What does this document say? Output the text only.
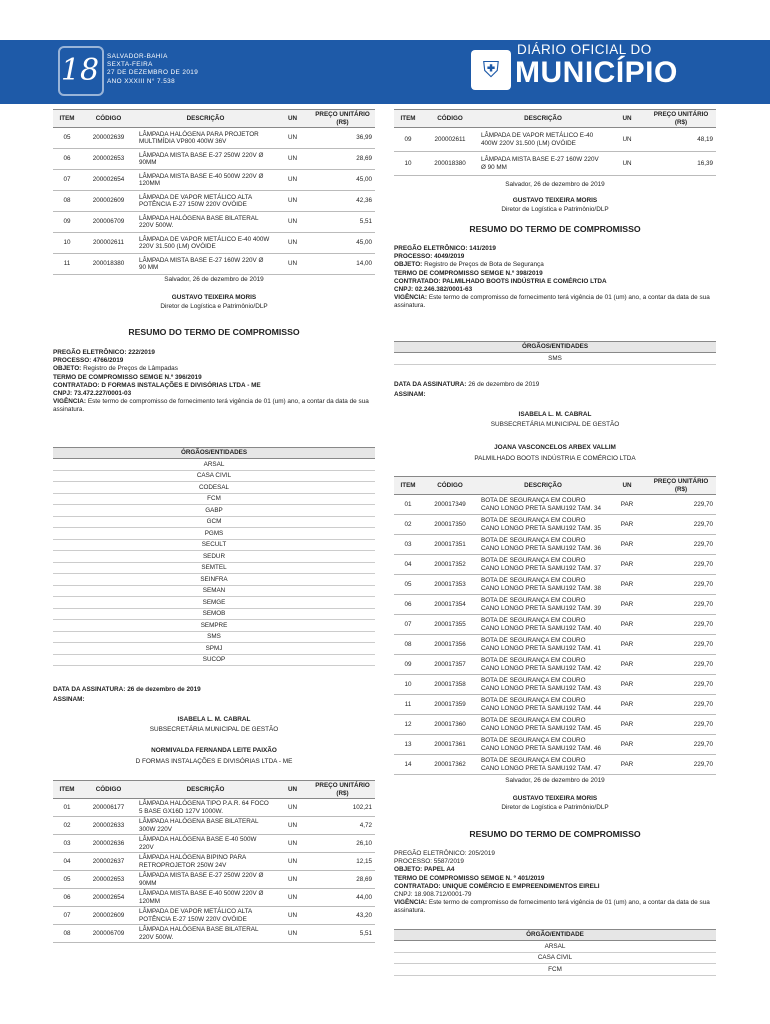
18 SALVADOR-BAHIA
SEXTA-FEIRA
27 DE DEZEMBRO DE 2019
ANO XXXIII N° 7.538	⛨
DIÁRIO OFICIAL DO
MUNICÍPIO
ITEM	CÓDIGO	DESCRIÇÃO	UN	PREÇO UNITÁRIO (R$)
05	200002639	LÂMPADA HALÓGENA PARA PROJETOR MULTIMÍDIA VP800 400W 36V	UN	36,99
06	200002653	LÂMPADA MISTA BASE E-27 250W 220V Ø 90MM	UN	28,69
07	200002654	LÂMPADA MISTA BASE E-40 500W 220V Ø 120MM	UN	45,00
08	200002609	LÂMPADA DE VAPOR METÁLICO ALTA POTÊNCIA E-27 150W 220V OVÓIDE	UN	42,36
09	200006709	LÂMPADA HALÓGENA BASE BILATERAL 220V 500W.	UN	5,51
10	200002611	LÂMPADA DE VAPOR METÁLICO E-40 400W 220V 31.500 (LM) OVÓIDE	UN	45,00
11	200018380	LÂMPADA MISTA BASE E-27 160W 220V Ø 90 MM	UN	14,00
Salvador, 26 de dezembro de 2019
GUSTAVO TEIXEIRA MORIS
Diretor de Logística e Patrimônio/DLP
RESUMO DO TERMO DE COMPROMISSO
PREGÃO ELETRÔNICO: 222/2019
PROCESSO: 4766/2019
OBJETO: Registro de Preços de Lâmpadas
TERMO DE COMPROMISSO SEMGE N.º 396/2019
CONTRATADO: D FORMAS INSTALAÇÕES E DIVISÓRIAS LTDA - ME
CNPJ: 73.472.227/0001-03
VIGÊNCIA: Este termo de compromisso de fornecimento terá vigência de 01 (um) ano, a contar da data de sua assinatura.
ÓRGÃOS/ENTIDADES
ARSAL
CASA CIVIL
CODESAL
FCM
GABP
GCM
PGMS
SECULT
SEDUR
SEMTEL
SEINFRA
SEMAN
SEMGE
SEMOB
SEMPRE
SMS
SPMJ
SUCOP
DATA DA ASSINATURA: 26 de dezembro de 2019
ASSINAM:
ISABELA L. M. CABRAL
SUBSECRETÁRIA MUNICIPAL DE GESTÃO
NORMIVALDA FERNANDA LEITE PAIXÃO
D FORMAS INSTALAÇÕES E DIVISÓRIAS LTDA - ME
ITEM	CÓDIGO	DESCRIÇÃO	UN	PREÇO UNITÁRIO (R$)
01	200006177	LÂMPADA HALÓGENA TIPO P.A.R. 64 FOCO 5 BASE GX16D 127V 1000W.	UN	102,21
02	200002633	LÂMPADA HALÓGENA BASE BILATERAL 300W 220V	UN	4,72
03	200002636	LÂMPADA HALÓGENA BASE E-40 500W 220V	UN	26,10
04	200002637	LÂMPADA HALÓGENA BIPINO PARA RETROPROJETOR 250W 24V	UN	12,15
05	200002653	LÂMPADA MISTA BASE E-27 250W 220V Ø 90MM	UN	28,69
06	200002654	LÂMPADA MISTA BASE E-40 500W 220V Ø 120MM	UN	44,00
07	200002609	LÂMPADA DE VAPOR METÁLICO ALTA POTÊNCIA E-27 150W 220V OVÓIDE	UN	43,20
08	200006709	LÂMPADA HALÓGENA BASE BILATERAL 220V 500W.	UN	5,51
ITEM	CÓDIGO	DESCRIÇÃO	UN	PREÇO UNITÁRIO (R$)
09	200002611	LÂMPADA DE VAPOR METÁLICO E-40 400W 220V 31.500 (LM) OVÓIDE	UN	48,19
10	200018380	LÂMPADA MISTA BASE E-27 160W 220V Ø 90 MM	UN	16,39
Salvador, 26 de dezembro de 2019
GUSTAVO TEIXEIRA MORIS
Diretor de Logística e Patrimônio/DLP
RESUMO DO TERMO DE COMPROMISSO
PREGÃO ELETRÔNICO: 141/2019
PROCESSO: 4049/2019
OBJETO: Registro de Preços de Bota de Segurança
TERMO DE COMPROMISSO SEMGE N.º 398/2019
CONTRATADO: PALMILHADO BOOTS INDÚSTRIA E COMÉRCIO LTDA
CNPJ: 02.246.382/0001-63
VIGÊNCIA: Este termo de compromisso de fornecimento terá vigência de 01 (um) ano, a contar da data de sua assinatura.
ÓRGÃOS/ENTIDADES
SMS
DATA DA ASSINATURA: 26 de dezembro de 2019
ASSINAM:
ISABELA L. M. CABRAL
SUBSECRETÁRIA MUNICIPAL DE GESTÃO
JOANA VASCONCELOS ARBEX VALLIM
PALMILHADO BOOTS INDÚSTRIA E COMÉRCIO LTDA
ITEM	CÓDIGO	DESCRIÇÃO	UN	PREÇO UNITÁRIO (R$)
01	200017349	BOTA DE SEGURANÇA EM COURO CANO LONGO PRETA SAMU192 TAM. 34	PAR	229,70
02	200017350	BOTA DE SEGURANÇA EM COURO CANO LONGO PRETA SAMU192 TAM. 35	PAR	229,70
03	200017351	BOTA DE SEGURANÇA EM COURO CANO LONGO PRETA SAMU192 TAM. 36	PAR	229,70
04	200017352	BOTA DE SEGURANÇA EM COURO CANO LONGO PRETA SAMU192 TAM. 37	PAR	229,70
05	200017353	BOTA DE SEGURANÇA EM COURO CANO LONGO PRETA SAMU192 TAM. 38	PAR	229,70
06	200017354	BOTA DE SEGURANÇA EM COURO CANO LONGO PRETA SAMU192 TAM. 39	PAR	229,70
07	200017355	BOTA DE SEGURANÇA EM COURO CANO LONGO PRETA SAMU192 TAM. 40	PAR	229,70
08	200017356	BOTA DE SEGURANÇA EM COURO CANO LONGO PRETA SAMU192 TAM. 41	PAR	229,70
09	200017357	BOTA DE SEGURANÇA EM COURO CANO LONGO PRETA SAMU192 TAM. 42	PAR	229,70
10	200017358	BOTA DE SEGURANÇA EM COURO CANO LONGO PRETA SAMU192 TAM. 43	PAR	229,70
11	200017359	BOTA DE SEGURANÇA EM COURO CANO LONGO PRETA SAMU192 TAM. 44	PAR	229,70
12	200017360	BOTA DE SEGURANÇA EM COURO CANO LONGO PRETA SAMU192 TAM. 45	PAR	229,70
13	200017361	BOTA DE SEGURANÇA EM COURO CANO LONGO PRETA SAMU192 TAM. 46	PAR	229,70
14	200017362	BOTA DE SEGURANÇA EM COURO CANO LONGO PRETA SAMU192 TAM. 47	PAR	229,70
Salvador, 26 de dezembro de 2019
GUSTAVO TEIXEIRA MORIS
Diretor de Logística e Patrimônio/DLP
RESUMO DO TERMO DE COMPROMISSO
PREGÃO ELETRÔNICO: 205/2019
PROCESSO: 5587/2019
OBJETO: PAPEL A4
TERMO DE COMPROMISSO SEMGE N. º 401/2019
CONTRATADO: UNIQUE COMÉRCIO E EMPREENDIMENTOS EIRELI
CNPJ: 18.908.712/0001-79
VIGÊNCIA: Este termo de compromisso de fornecimento terá vigência de 01 (um) ano, a contar da data de sua assinatura.
ÓRGÃO/ENTIDADE
ARSAL
CASA CIVIL
FCM
